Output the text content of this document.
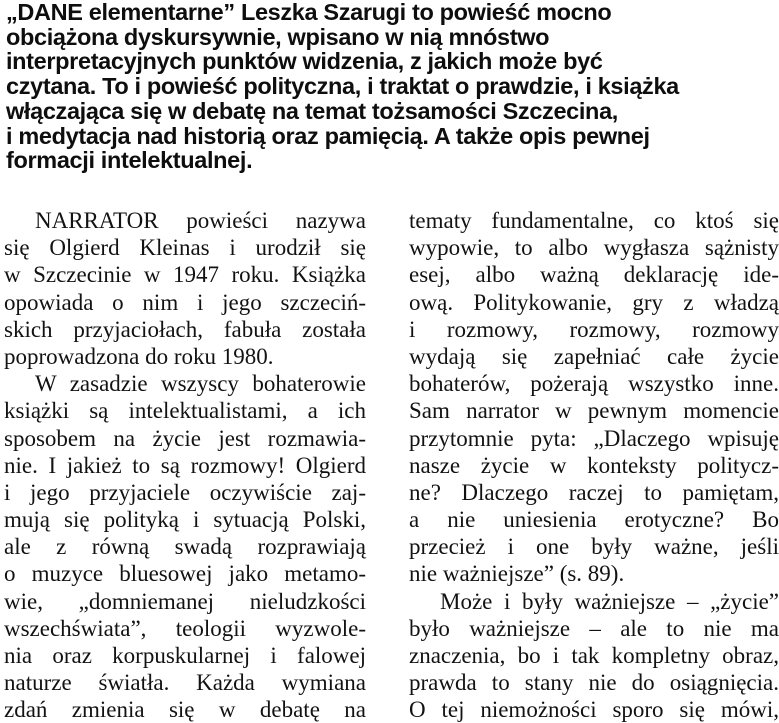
„DANE elementarne” Leszka Szarugi to powieść mocno
obciążona dyskursywnie, wpisano w nią mnóstwo
interpretacyjnych punktów widzenia, z jakich może być
czytana. To i powieść polityczna, i traktat o prawdzie, i książka
włączająca się w debatę na temat tożsamości Szczecina,
i medytacja nad historią oraz pamięcią. A także opis pewnej
formacji intelektualnej.
NARRATOR powieści nazywa
się Olgierd Kleinas i urodził się
w Szczecinie w 1947 roku. Książka
opowiada o nim i jego szczeciń-
skich przyjaciołach, fabuła została
poprowadzona do roku 1980.
W zasadzie wszyscy bohaterowie
książki są intelektualistami, a ich
sposobem na życie jest rozmawia-
nie. I jakież to są rozmowy! Olgierd
i jego przyjaciele oczywiście zaj-
mują się polityką i sytuacją Polski,
ale z równą swadą rozprawiają
o muzyce bluesowej jako metamo-
wie, „domniemanej nieludzkości
wszechświata”, teologii wyzwole-
nia oraz korpuskularnej i falowej
naturze światła. Każda wymiana
zdań zmienia się w debatę na
tematy fundamentalne, co ktoś się
wypowie, to albo wygłasza sążnisty
esej, albo ważną deklarację ide-
ową. Politykowanie, gry z władzą
i rozmowy, rozmowy, rozmowy
wydają się zapełniać całe życie
bohaterów, pożerają wszystko inne.
Sam narrator w pewnym momencie
przytomnie pyta: „Dlaczego wpisuję
nasze życie w konteksty politycz-
ne? Dlaczego raczej to pamiętam,
a nie uniesienia erotyczne? Bo
przecież i one były ważne, jeśli
nie ważniejsze” (s. 89).
Może i były ważniejsze – „życie”
było ważniejsze – ale to nie ma
znaczenia, bo i tak kompletny obraz,
prawda to stany nie do osiągnięcia.
O tej niemożności sporo się mówi,
